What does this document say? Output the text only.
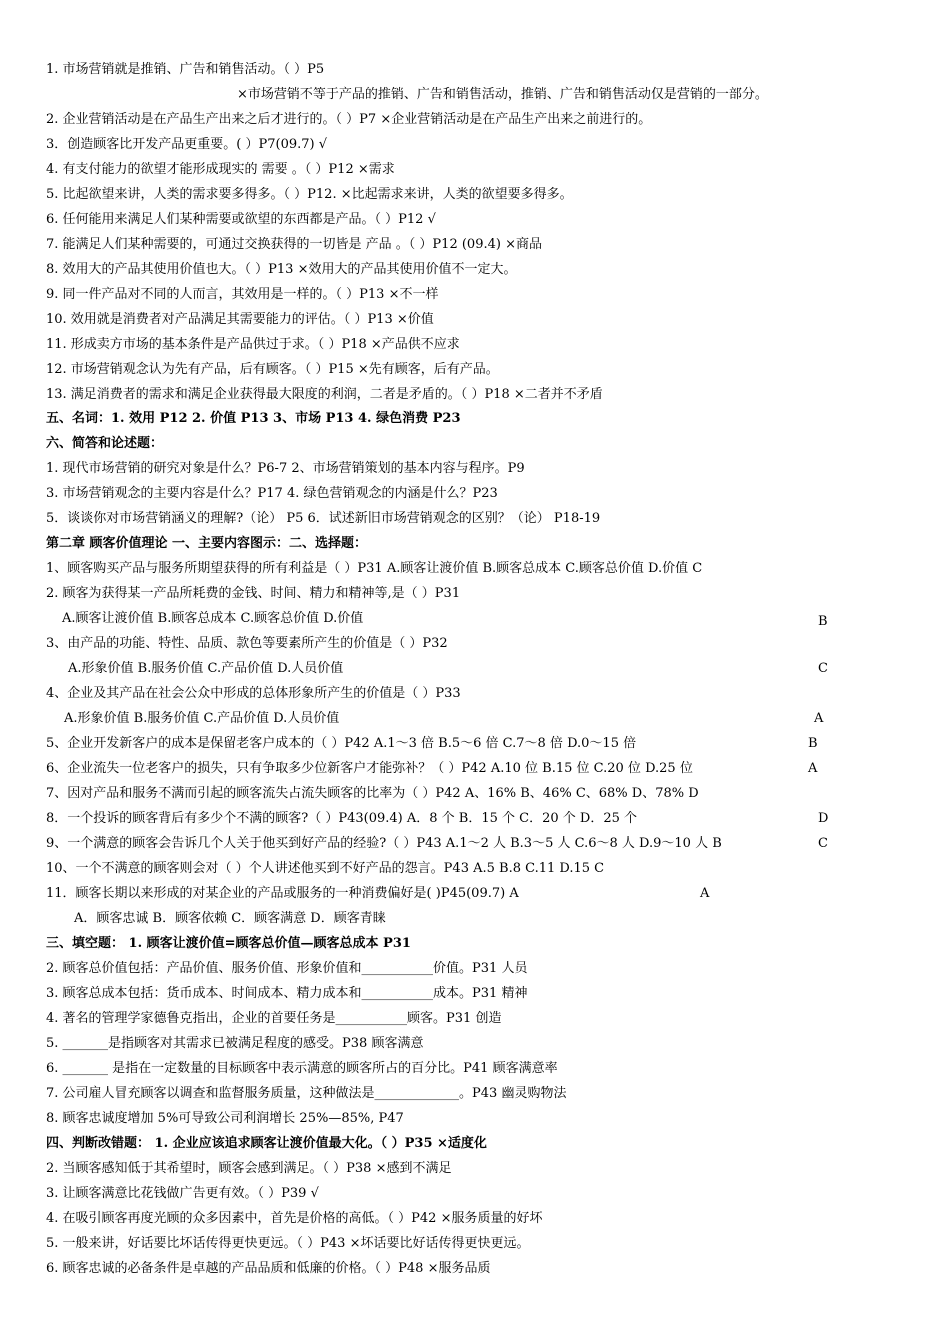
1. 市场营销就是推销、广告和销售活动。（ ）P5
×市场营销不等于产品的推销、广告和销售活动，推销、广告和销售活动仅是营销的一部分。
2. 企业营销活动是在产品生产出来之后才进行的。（ ）P7 ×企业营销活动是在产品生产出来之前进行的。
3．创造顾客比开发产品更重要。( ）P7(09.7) √
4. 有支付能力的欲望才能形成现实的 需要 。（ ）P12 ×需求
5. 比起欲望来讲，人类的需求要多得多。（ ）P12. ×比起需求来讲，人类的欲望要多得多。
6. 任何能用来满足人们某种需要或欲望的东西都是产品。（ ）P12 √
7. 能满足人们某种需要的，可通过交换获得的一切皆是 产品 。（ ）P12 (09.4) ×商品
8. 效用大的产品其使用价值也大。（ ）P13 ×效用大的产品其使用价值不一定大。
9. 同一件产品对不同的人而言，其效用是一样的。（ ）P13 ×不一样
10. 效用就是消费者对产品满足其需要能力的评估。（ ）P13 ×价值
11. 形成卖方市场的基本条件是产品供过于求。（ ）P18 ×产品供不应求
12. 市场营销观念认为先有产品，后有顾客。（ ）P15 ×先有顾客，后有产品。
13. 满足消费者的需求和满足企业获得最大限度的利润，二者是矛盾的。（ ）P18 ×二者并不矛盾
五、名词：1. 效用 P12 2. 价值 P13 3、市场 P13 4. 绿色消费 P23
六、简答和论述题：
1. 现代市场营销的研究对象是什么？P6-7 2、市场营销策划的基本内容与程序。P9
3. 市场营销观念的主要内容是什么？P17 4. 绿色营销观念的内涵是什么？P23
5．谈谈你对市场营销涵义的理解?（论） P5 6．试述新旧市场营销观念的区别？（论） P18-19
第二章 顾客价值理论 一、主要内容图示：二、选择题：
1、顾客购买产品与服务所期望获得的所有利益是（ ）P31 A.顾客让渡价值 B.顾客总成本 C.顾客总价值 D.价值 C
2. 顾客为获得某一产品所耗费的金钱、时间、精力和精神等,是（ ）P31
A.顾客让渡价值 B.顾客总成本 C.顾客总价值 D.价值
3、由产品的功能、特性、品质、款色等要素所产生的价值是（ ）P32
A.形象价值 B.服务价值 C.产品价值 D.人员价值
4、企业及其产品在社会公众中形成的总体形象所产生的价值是（ ）P33
A.形象价值 B.服务价值 C.产品价值 D.人员价值
5、企业开发新客户的成本是保留老客户成本的（ ）P42 A.1～3 倍 B.5～6 倍 C.7～8 倍 D.0～15 倍
6、企业流失一位老客户的损失，只有争取多少位新客户才能弥补？（ ）P42 A.10 位 B.15 位 C.20 位 D.25 位
7、因对产品和服务不满而引起的顾客流失占流失顾客的比率为（ ）P42 A、16% B、46% C、68% D、78% D
8．一个投诉的顾客背后有多少个不满的顾客?（ ）P43(09.4) A．8 个 B．15 个 C．20 个 D．25 个
9、一个满意的顾客会告诉几个人关于他买到好产品的经验?（ ）P43 A.1～2 人 B.3～5 人 C.6～8 人 D.9～10 人 B
10、一个不满意的顾客则会对（ ）个人讲述他买到不好产品的怨言。P43 A.5 B.8 C.11 D.15 C
11．顾客长期以来形成的对某企业的产品或服务的一种消费偏好是( )P45(09.7) A
A．顾客忠诚 B．顾客依赖 C．顾客满意 D．顾客青睐
三、填空题： 1. 顾客让渡价值=顾客总价值—顾客总成本 P31
2. 顾客总价值包括：产品价值、服务价值、形象价值和___________价值。P31 人员
3. 顾客总成本包括：货币成本、时间成本、精力成本和___________成本。P31 精神
4. 著名的管理学家德鲁克指出，企业的首要任务是___________顾客。P31 创造
5. _______是指顾客对其需求已被满足程度的感受。P38 顾客满意
6. _______ 是指在一定数量的目标顾客中表示满意的顾客所占的百分比。P41 顾客满意率
7. 公司雇人冒充顾客以调查和监督服务质量，这种做法是_____________。P43 幽灵购物法
8. 顾客忠诚度增加 5%可导致公司利润增长 25%—85%, P47
四、判断改错题： 1. 企业应该追求顾客让渡价值最大化。（ ）P35 ×适度化
2. 当顾客感知低于其希望时，顾客会感到满足。（ ）P38 ×感到不满足
3. 让顾客满意比花钱做广告更有效。（ ）P39 √
4. 在吸引顾客再度光顾的众多因素中，首先是价格的高低。（ ）P42 ×服务质量的好坏
5. 一般来讲，好话要比坏话传得更快更远。（ ）P43 ×坏话要比好话传得更快更远。
6. 顾客忠诚的必备条件是卓越的产品品质和低廉的价格。（ ）P48 ×服务品质
B
C
A
B
A
D
C
A
